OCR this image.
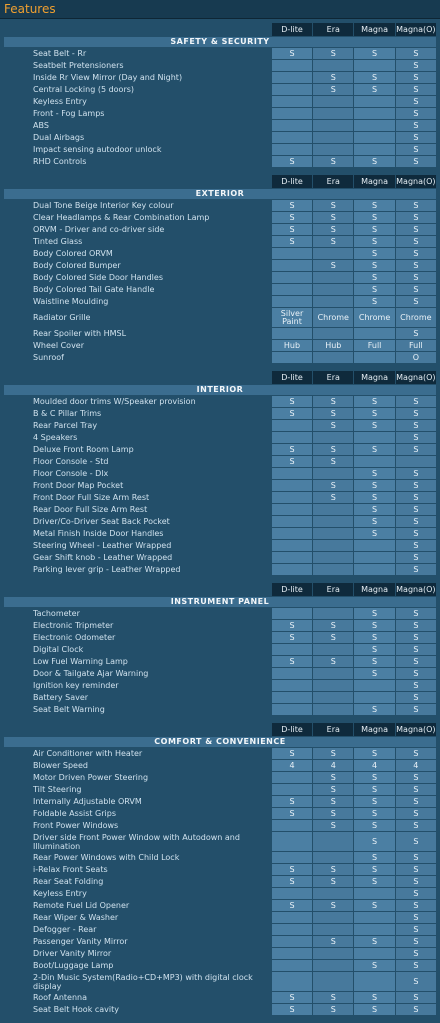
Features
	D-lite	Era	Magna	Magna(O)
SAFETY & SECURITY				
Seat Belt - Rr	S	S	S	S
Seatbelt Pretensioners				S
Inside Rr View Mirror (Day and Night)		S	S	S
Central Locking (5 doors)		S	S	S
Keyless Entry				S
Front - Fog Lamps				S
ABS				S
Dual Airbags				S
Impact sensing autodoor unlock				S
RHD Controls	S	S	S	S
	D-lite	Era	Magna	Magna(O)
EXTERIOR				
Dual Tone Beige Interior Key colour	S	S	S	S
Clear Headlamps & Rear Combination Lamp	S	S	S	S
ORVM - Driver and co-driver side	S	S	S	S
Tinted Glass	S	S	S	S
Body Colored ORVM			S	S
Body Colored Bumper		S	S	S
Body Colored Side Door Handles			S	S
Body Colored Tail Gate Handle			S	S
Waistline Moulding			S	S
Radiator Grille	Silver Paint	Chrome	Chrome	Chrome
Rear Spoiler with HMSL				S
Wheel Cover	Hub	Hub	Full	Full
Sunroof				O
	D-lite	Era	Magna	Magna(O)
INTERIOR				
Moulded door trims W/Speaker provision	S	S	S	S
B & C Pillar Trims	S	S	S	S
Rear Parcel Tray		S	S	S
4 Speakers				S
Deluxe Front Room Lamp	S	S	S	S
Floor Console - Std	S	S		
Floor Console - Dlx			S	S
Front Door Map Pocket		S	S	S
Front Door Full Size Arm Rest		S	S	S
Rear Door Full Size Arm Rest			S	S
Driver/Co-Driver Seat Back Pocket			S	S
Metal Finish Inside Door Handles			S	S
Steering Wheel - Leather Wrapped				S
Gear Shift knob - Leather Wrapped				S
Parking lever grip - Leather Wrapped				S
	D-lite	Era	Magna	Magna(O)
INSTRUMENT PANEL				
Tachometer			S	S
Electronic Tripmeter	S	S	S	S
Electronic Odometer	S	S	S	S
Digital Clock			S	S
Low Fuel Warning Lamp	S	S	S	S
Door & Tailgate Ajar Warning			S	S
Ignition key reminder				S
Battery Saver				S
Seat Belt Warning			S	S
	D-lite	Era	Magna	Magna(O)
COMFORT & CONVENIENCE				
Air Conditioner with Heater	S	S	S	S
Blower Speed	4	4	4	4
Motor Driven Power Steering		S	S	S
Tilt Steering		S	S	S
Internally Adjustable ORVM	S	S	S	S
Foldable Assist Grips	S	S	S	S
Front Power Windows		S	S	S
Driver side Front Power Window with Autodown and Illumination			S	S
Rear Power Windows with Child Lock			S	S
i-Relax Front Seats	S	S	S	S
Rear Seat Folding	S	S	S	S
Keyless Entry				S
Remote Fuel Lid Opener	S	S	S	S
Rear Wiper & Washer				S
Defogger - Rear				S
Passenger Vanity Mirror		S	S	S
Driver Vanity Mirror				S
Boot/Luggage Lamp			S	S
2-Din Music System(Radio+CD+MP3) with digital clock display				S
Roof Antenna	S	S	S	S
Seat Belt Hook cavity	S	S	S	S
